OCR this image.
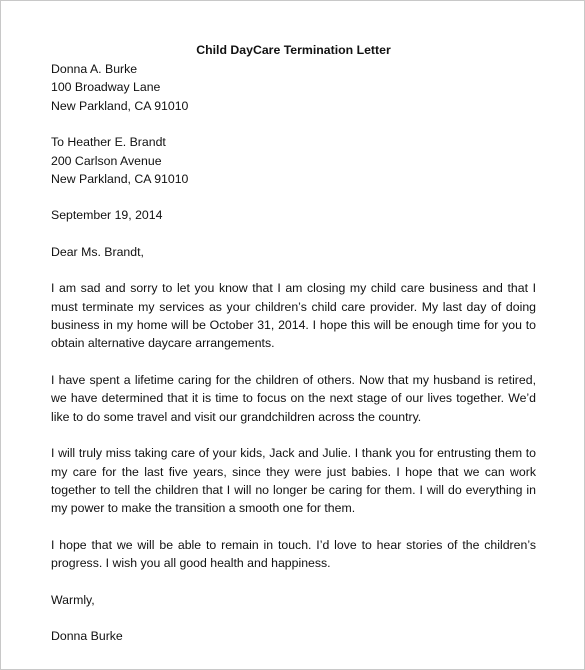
Child DayCare Termination Letter

Donna A. Burke

100 Broadway Lane

New Parkland, CA 91010

To Heather E. Brandt

200 Carlson Avenue

New Parkland, CA 91010

September 19, 2014

Dear Ms. Brandt,

I am sad and sorry to let you know that I am closing my child care business and that I must terminate my services as your children’s child care provider. My last day of doing business in my home will be October 31, 2014. I hope this will be enough time for you to obtain alternative daycare arrangements.

I have spent a lifetime caring for the children of others. Now that my husband is retired, we have determined that it is time to focus on the next stage of our lives together. We’d like to do some travel and visit our grandchildren across the country.

I will truly miss taking care of your kids, Jack and Julie. I thank you for entrusting them to my care for the last five years, since they were just babies. I hope that we can work together to tell the children that I will no longer be caring for them. I will do everything in my power to make the transition a smooth one for them.

I hope that we will be able to remain in touch. I’d love to hear stories of the children’s progress. I wish you all good health and happiness.

Warmly,

Donna Burke
